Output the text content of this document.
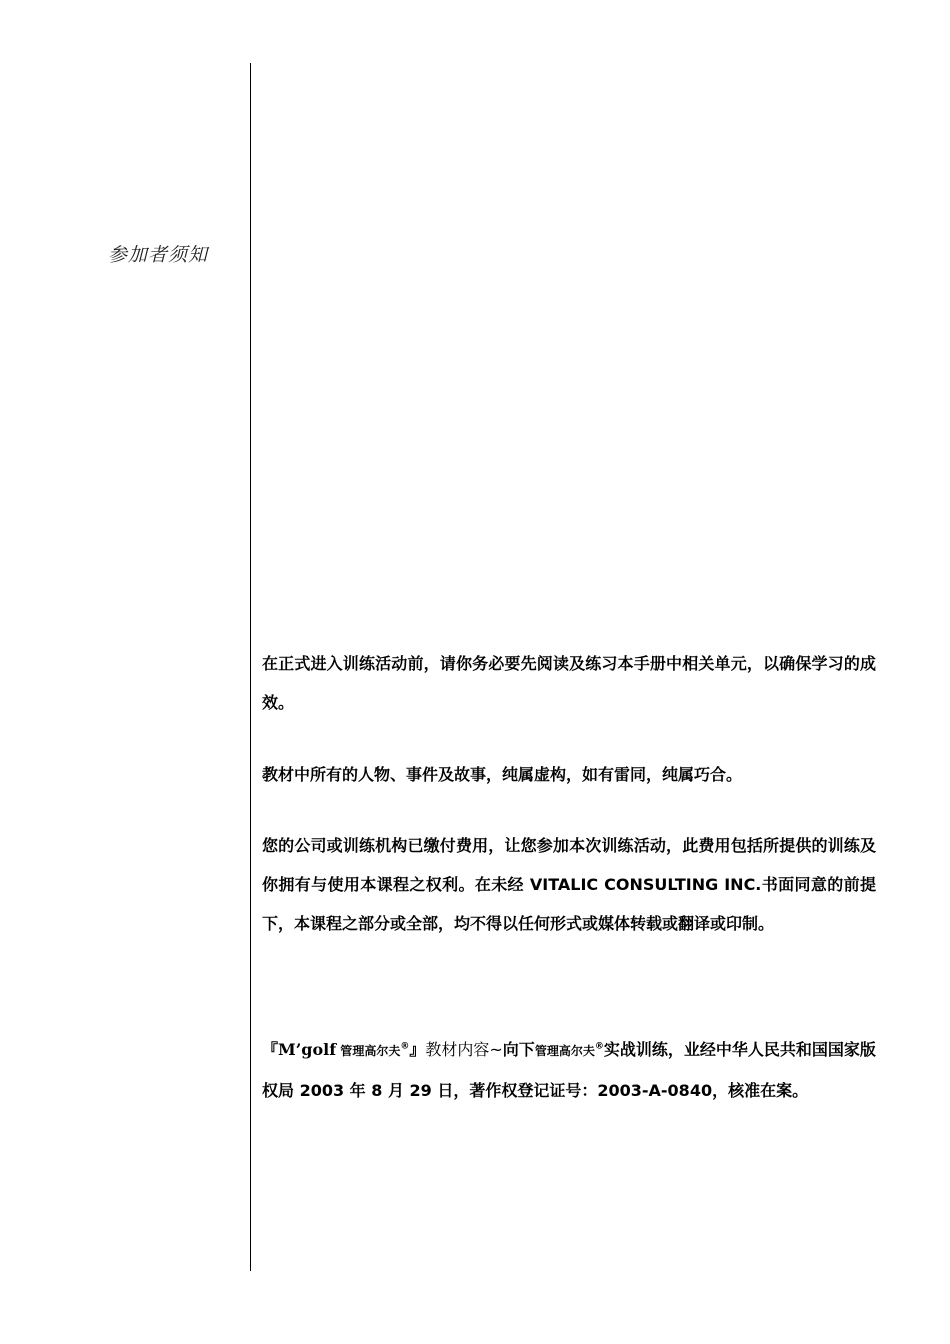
参加者须知

在正式进入训练活动前，请你务必要先阅读及练习本手册中相关单元，以确保学习的成效。

教材中所有的人物、事件及故事，纯属虚构，如有雷同，纯属巧合。

您的公司或训练机构已缴付费用，让您参加本次训练活动，此费用包括所提供的训练及你拥有与使用本课程之权利。在未经 VITALIC CONSULTING INC.书面同意的前提下，本课程之部分或全部，均不得以任何形式或媒体转载或翻译或印制。

『M’golf 管理高尔夫®』教材内容~向下管理高尔夫®实战训练，业经中华人民共和国国家版权局 2003 年 8 月 29 日，著作权登记证号：2003-A-0840，核准在案。
